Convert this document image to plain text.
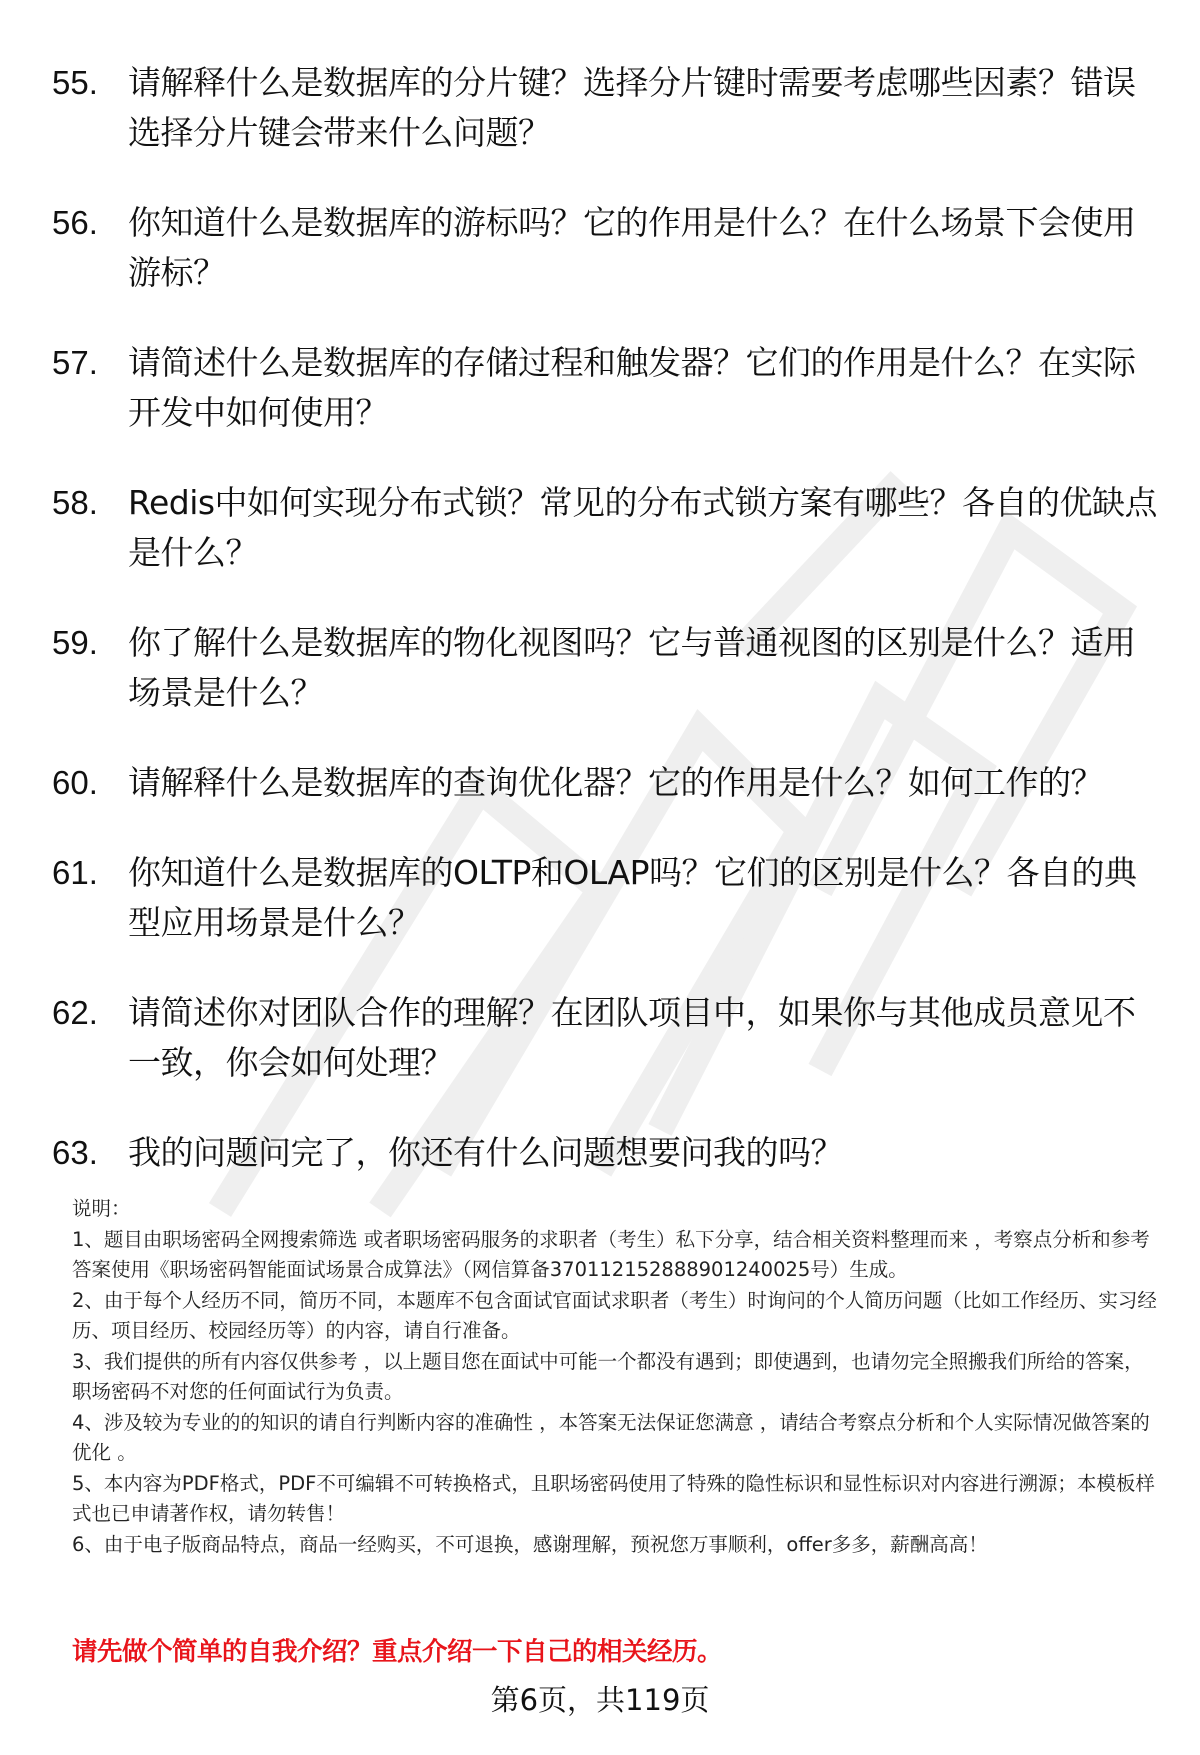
55. 请解释什么是数据库的分片键？选择分片键时需要考虑哪些因素？错误选择分片键会带来什么问题？
56. 你知道什么是数据库的游标吗？它的作用是什么？在什么场景下会使用游标？
57. 请简述什么是数据库的存储过程和触发器？它们的作用是什么？在实际开发中如何使用？
58. Redis中如何实现分布式锁？常见的分布式锁方案有哪些？各自的优缺点是什么？
59. 你了解什么是数据库的物化视图吗？它与普通视图的区别是什么？适用场景是什么？
60. 请解释什么是数据库的查询优化器？它的作用是什么？如何工作的？
61. 你知道什么是数据库的OLTP和OLAP吗？它们的区别是什么？各自的典型应用场景是什么？
62. 请简述你对团队合作的理解？在团队项目中，如果你与其他成员意见不一致，你会如何处理？
63. 我的问题问完了，你还有什么问题想要问我的吗？

说明：

1、题目由职场密码全网搜索筛选 或者职场密码服务的求职者（考生）私下分享，结合相关资料整理而来 ，考察点分析和参考答案使用《职场密码智能面试场景合成算法》（网信算备370112152888901240025号）生成。

2、由于每个人经历不同，简历不同，本题库不包含面试官面试求职者（考生）时询问的个人简历问题（比如工作经历、实习经历、项目经历、校园经历等）的内容，请自行准备。

3、我们提供的所有内容仅供参考 ，以上题目您在面试中可能一个都没有遇到；即使遇到，也请勿完全照搬我们所给的答案，职场密码不对您的任何面试行为负责。

4、涉及较为专业的的知识的请自行判断内容的准确性 ，本答案无法保证您满意 ，请结合考察点分析和个人实际情况做答案的优化 。

5、本内容为PDF格式，PDF不可编辑不可转换格式，且职场密码使用了特殊的隐性标识和显性标识对内容进行溯源；本模板样式也已申请著作权，请勿转售！

6、由于电子版商品特点，商品一经购买，不可退换，感谢理解，预祝您万事顺利，offer多多，薪酬高高！

请先做个简单的自我介绍？重点介绍一下自己的相关经历。
第6页，共119页
